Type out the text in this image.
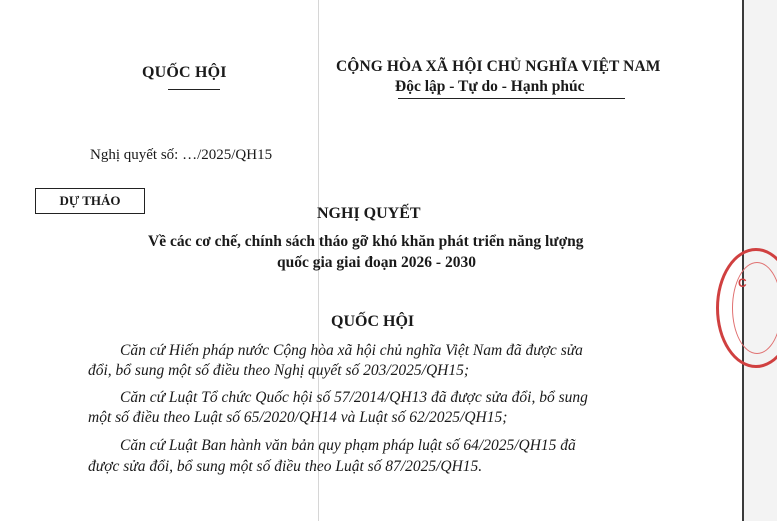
C
QUỐC HỘI	CỘNG HÒA XÃ HỘI CHỦ NGHĨA VIỆT NAM
Độc lập - Tự do - Hạnh phúc
Nghị quyết số: …/2025/QH15
DỰ THẢO
NGHỊ QUYẾT
Về các cơ chế, chính sách tháo gỡ khó khăn phát triển năng lượng
quốc gia giai đoạn 2026 - 2030
QUỐC HỘI
Căn cứ Hiến pháp nước Cộng hòa xã hội chủ nghĩa Việt Nam đã được sửa
đổi, bổ sung một số điều theo Nghị quyết số 203/2025/QH15;
Căn cứ Luật Tổ chức Quốc hội số 57/2014/QH13 đã được sửa đổi, bổ sung
một số điều theo Luật số 65/2020/QH14 và Luật số 62/2025/QH15;
Căn cứ Luật Ban hành văn bản quy phạm pháp luật số 64/2025/QH15 đã
được sửa đổi, bổ sung một số điều theo Luật số 87/2025/QH15.
